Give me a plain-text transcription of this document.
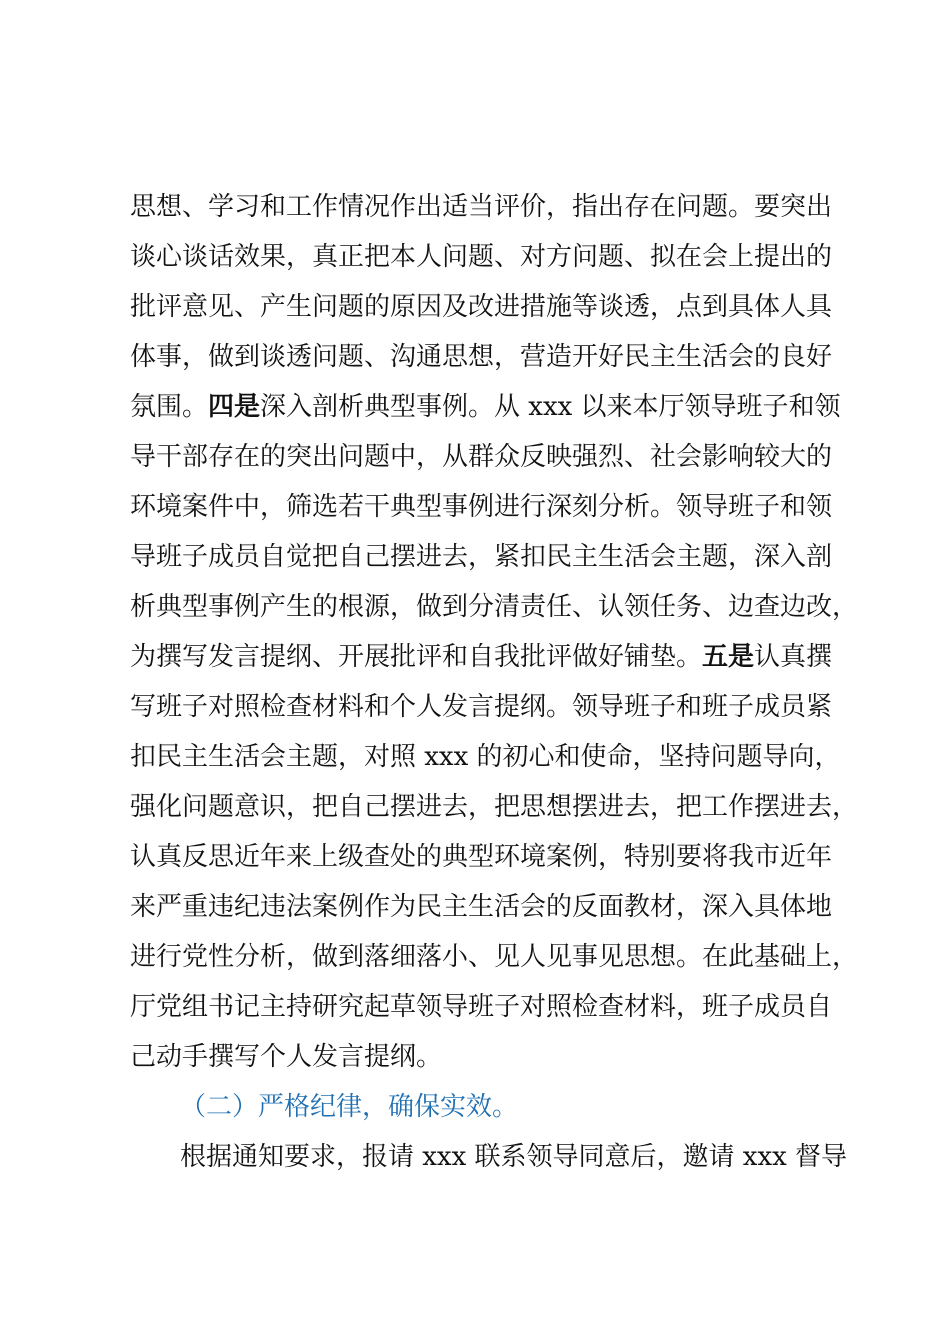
思想、学习和工作情况作出适当评价，指出存在问题。要突出
谈心谈话效果，真正把本人问题、对方问题、拟在会上提出的
批评意见、产生问题的原因及改进措施等谈透，点到具体人具
体事，做到谈透问题、沟通思想，营造开好民主生活会的良好
氛围。四是深入剖析典型事例。从 xxx 以来本厅领导班子和领
导干部存在的突出问题中，从群众反映强烈、社会影响较大的
环境案件中，筛选若干典型事例进行深刻分析。领导班子和领
导班子成员自觉把自己摆进去，紧扣民主生活会主题，深入剖
析典型事例产生的根源，做到分清责任、认领任务、边查边改，
为撰写发言提纲、开展批评和自我批评做好铺垫。五是认真撰
写班子对照检查材料和个人发言提纲。领导班子和班子成员紧
扣民主生活会主题，对照 xxx 的初心和使命，坚持问题导向，
强化问题意识，把自己摆进去，把思想摆进去，把工作摆进去，
认真反思近年来上级查处的典型环境案例，特别要将我市近年
来严重违纪违法案例作为民主生活会的反面教材，深入具体地
进行党性分析，做到落细落小、见人见事见思想。在此基础上，
厅党组书记主持研究起草领导班子对照检查材料，班子成员自
己动手撰写个人发言提纲。
（二）严格纪律，确保实效。
根据通知要求，报请 xxx 联系领导同意后，邀请 xxx 督导
